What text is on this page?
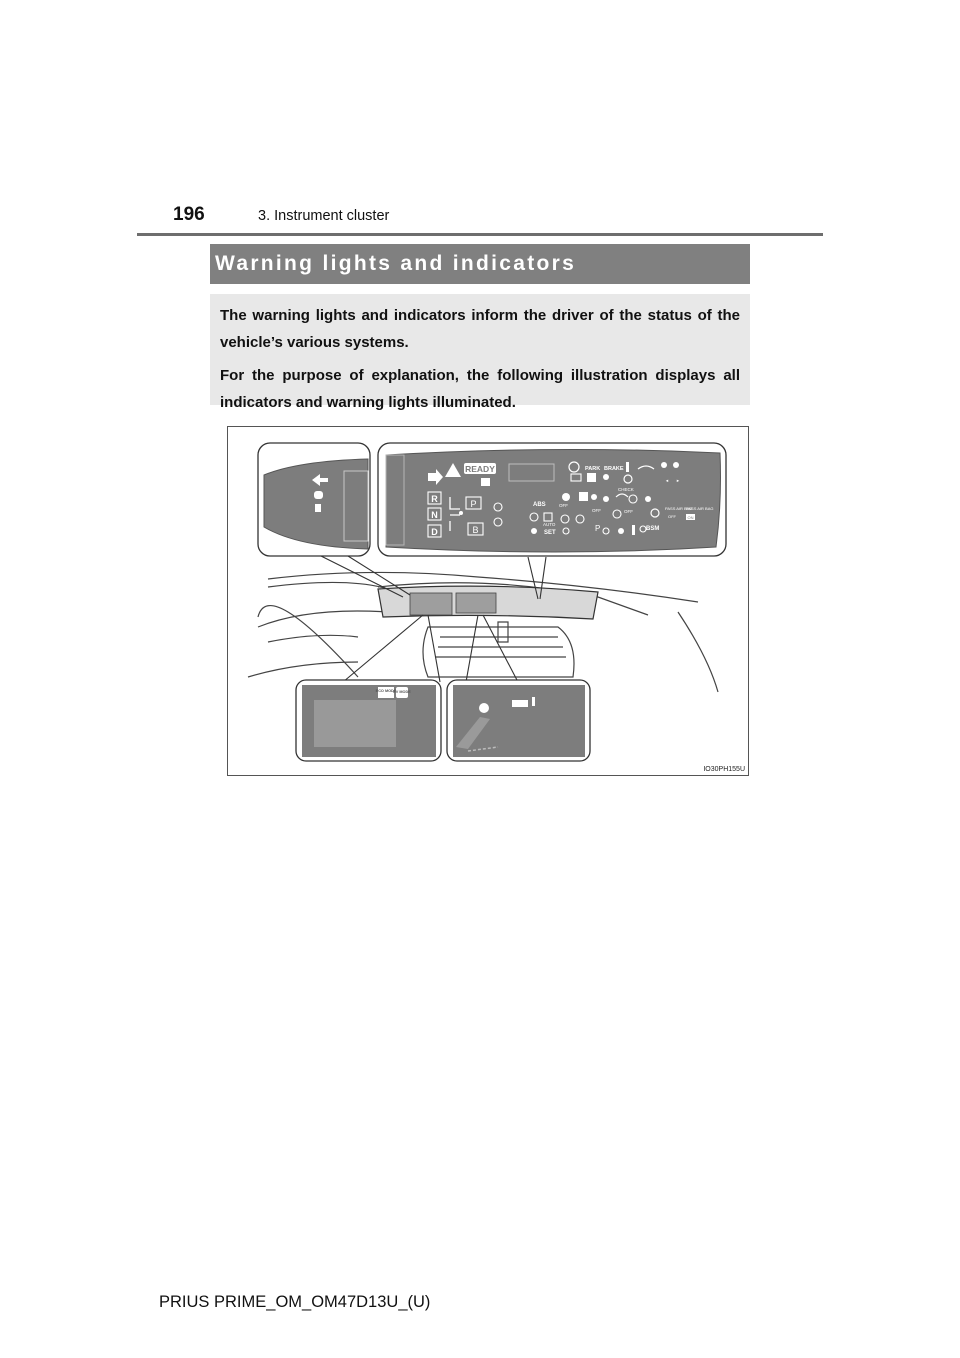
196	3. Instrument cluster
Warning lights and indicators

The warning lights and indicators inform the driver of the status of the vehicle’s various systems.

For the purpose of explanation, the following illustration displays all indicators and warning lights illuminated.

READY	PARK BRAKE
◄ ►
CHECK
R
N
D
P
B
ABS	OFF
OFF	OFF
AUTO
PASS AIR BAG
OFF
PASS AIR BAG
ON
SET	P	BSM
ECO MODE
EV MODE
IO30PH155U
PRIUS PRIME_OM_OM47D13U_(U)
